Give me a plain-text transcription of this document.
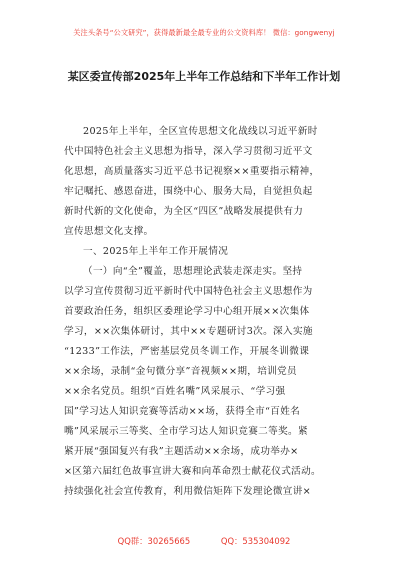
关注头条号“公文研究”，获得最新最全最专业的公文资料库！ 微信：gongwenyj
某区委宣传部2025年上半年工作总结和下半年工作计划
2025年上半年，全区宣传思想文化战线以习近平新时
代中国特色社会主义思想为指导，深入学习贯彻习近平文
化思想，高质量落实习近平总书记视察××重要指示精神，
牢记嘱托、感恩奋进，围绕中心、服务大局，自觉担负起
新时代新的文化使命，为全区“四区”战略发展提供有力
宣传思想文化支撑。
一、2025年上半年工作开展情况
（一）向“全”覆盖，思想理论武装走深走实。坚持
以学习宣传贯彻习近平新时代中国特色社会主义思想作为
首要政治任务，组织区委理论学习中心组开展××次集体
学习，××次集体研讨，其中××专题研讨3次。深入实施
“1233”工作法，严密基层党员冬训工作，开展冬训微课
××余场，录制“金句微分享”音视频××期，培训党员
××余名党员。组织“百姓名嘴”风采展示、“学习强
国”学习达人知识竞赛等活动××场，获得全市“百姓名
嘴”风采展示三等奖、全市学习达人知识竞赛二等奖。紧
紧开展“强国复兴有我”主题活动××余场，成功举办×
×区第六届红色故事宣讲大赛和向革命烈士献花仪式活动。
持续强化社会宣传教育，利用微信矩阵下发理论微宣讲×
QQ群：30265665	QQ：535304092
